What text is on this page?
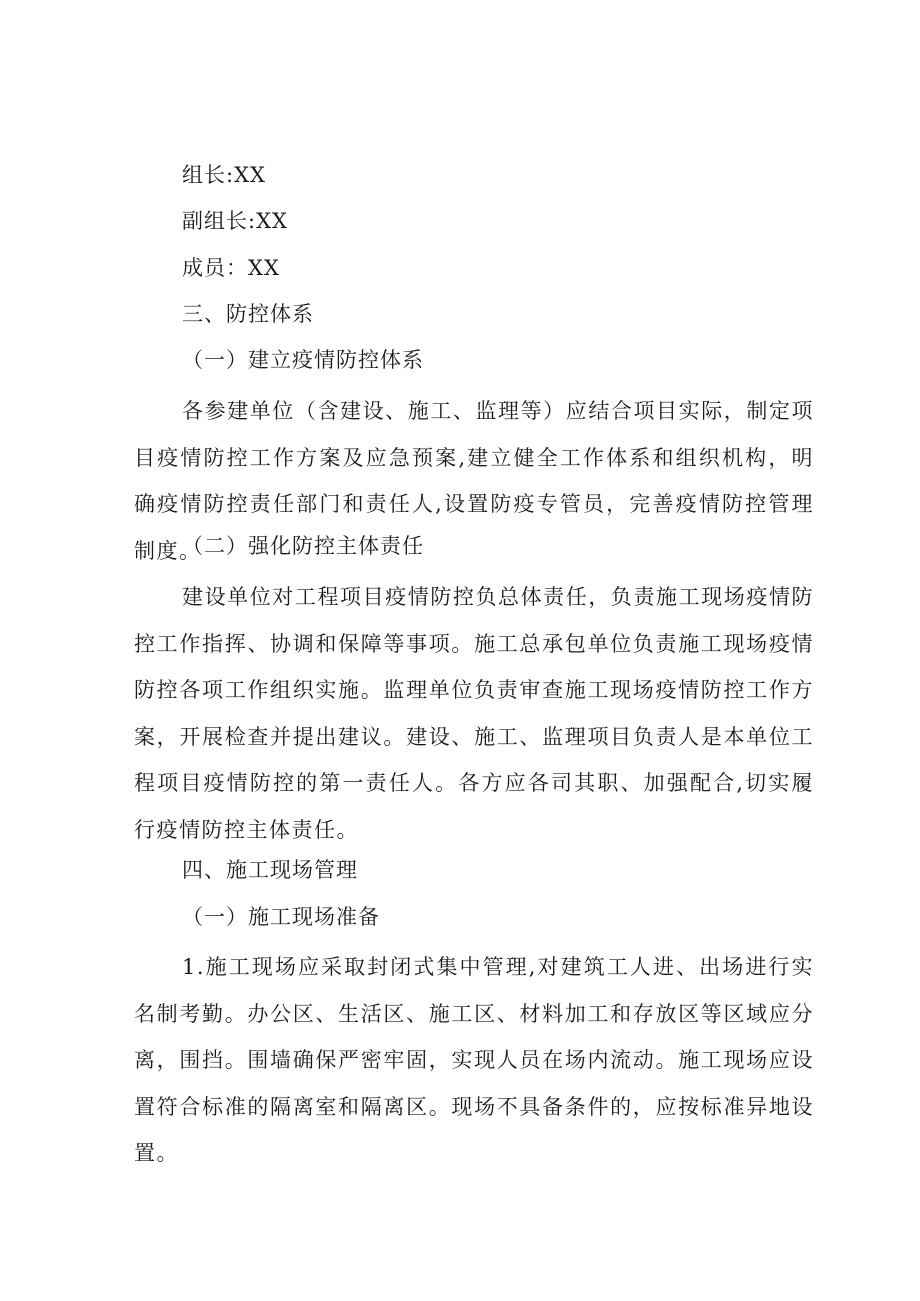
组长:XX
副组长:XX
成员：XX
三、防控体系
（一）建立疫情防控体系

各参建单位（含建设、施工、监理等）应结合项目实际，制定项目疫情防控工作方案及应急预案,建立健全工作体系和组织机构，明确疫情防控责任部门和责任人,设置防疫专管员，完善疫情防控管理制度。

（二）强化防控主体责任

建设单位对工程项目疫情防控负总体责任，负责施工现场疫情防控工作指挥、协调和保障等事项。施工总承包单位负责施工现场疫情防控各项工作组织实施。监理单位负责审查施工现场疫情防控工作方案，开展检查并提出建议。建设、施工、监理项目负责人是本单位工程项目疫情防控的第一责任人。各方应各司其职、加强配合,切实履行疫情防控主体责任。

四、施工现场管理
（一）施工现场准备

1.施工现场应采取封闭式集中管理,对建筑工人进、出场进行实名制考勤。办公区、生活区、施工区、材料加工和存放区等区域应分离，围挡。围墙确保严密牢固，实现人员在场内流动。施工现场应设置符合标准的隔离室和隔离区。现场不具备条件的，应按标准异地设置。
